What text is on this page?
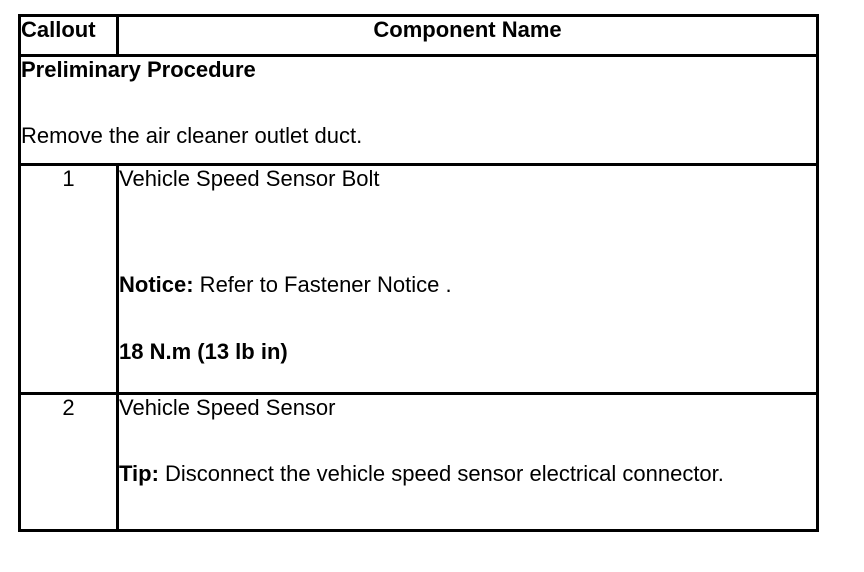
Callout	Component Name

Preliminary Procedure
Remove the air cleaner outlet duct.	

1	Vehicle Speed Sensor Bolt
Notice: Refer to Fastener Notice .
18 N.m (13 lb in)

2	Vehicle Speed Sensor
Tip: Disconnect the vehicle speed sensor electrical connector.
